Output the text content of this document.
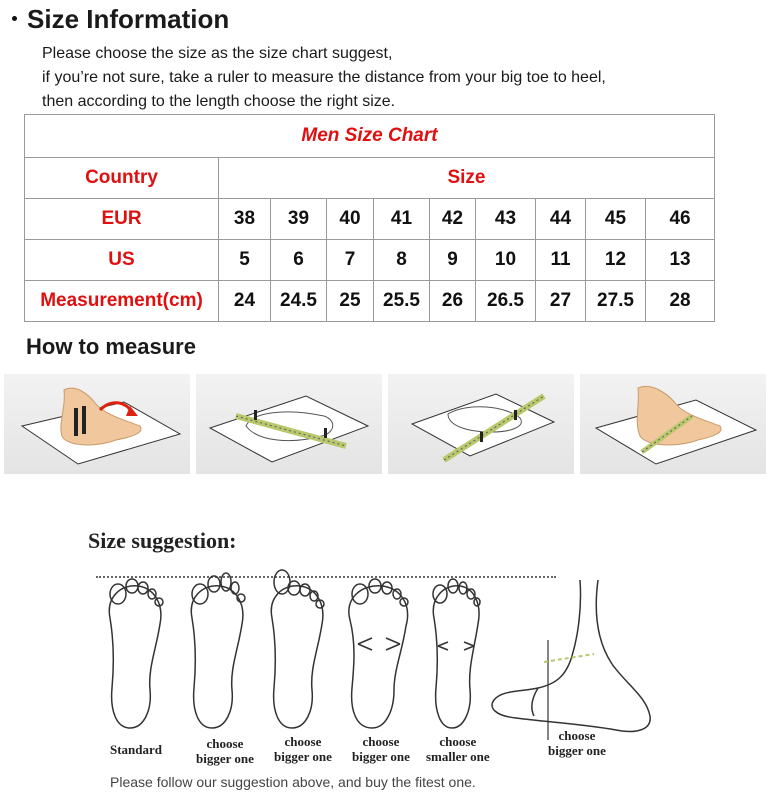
Size Information
Please choose the size as the size chart suggest,
if you’re not sure, take a ruler to measure the distance from your big toe to heel,
then according to the length choose the right size.
Men Size Chart									
Country	Size								
EUR	38	39	40	41	42	43	44	45	46
US	5	6	7	8	9	10	11	12	13
Measurement(cm)	24	24.5	25	25.5	26	26.5	27	27.5	28
How to measure
Size suggestion:
Standard	choose
bigger one
choose
bigger one
choose
bigger one
choose
smaller one
choose
bigger one
Please follow our suggestion above, and buy the fitest one.
